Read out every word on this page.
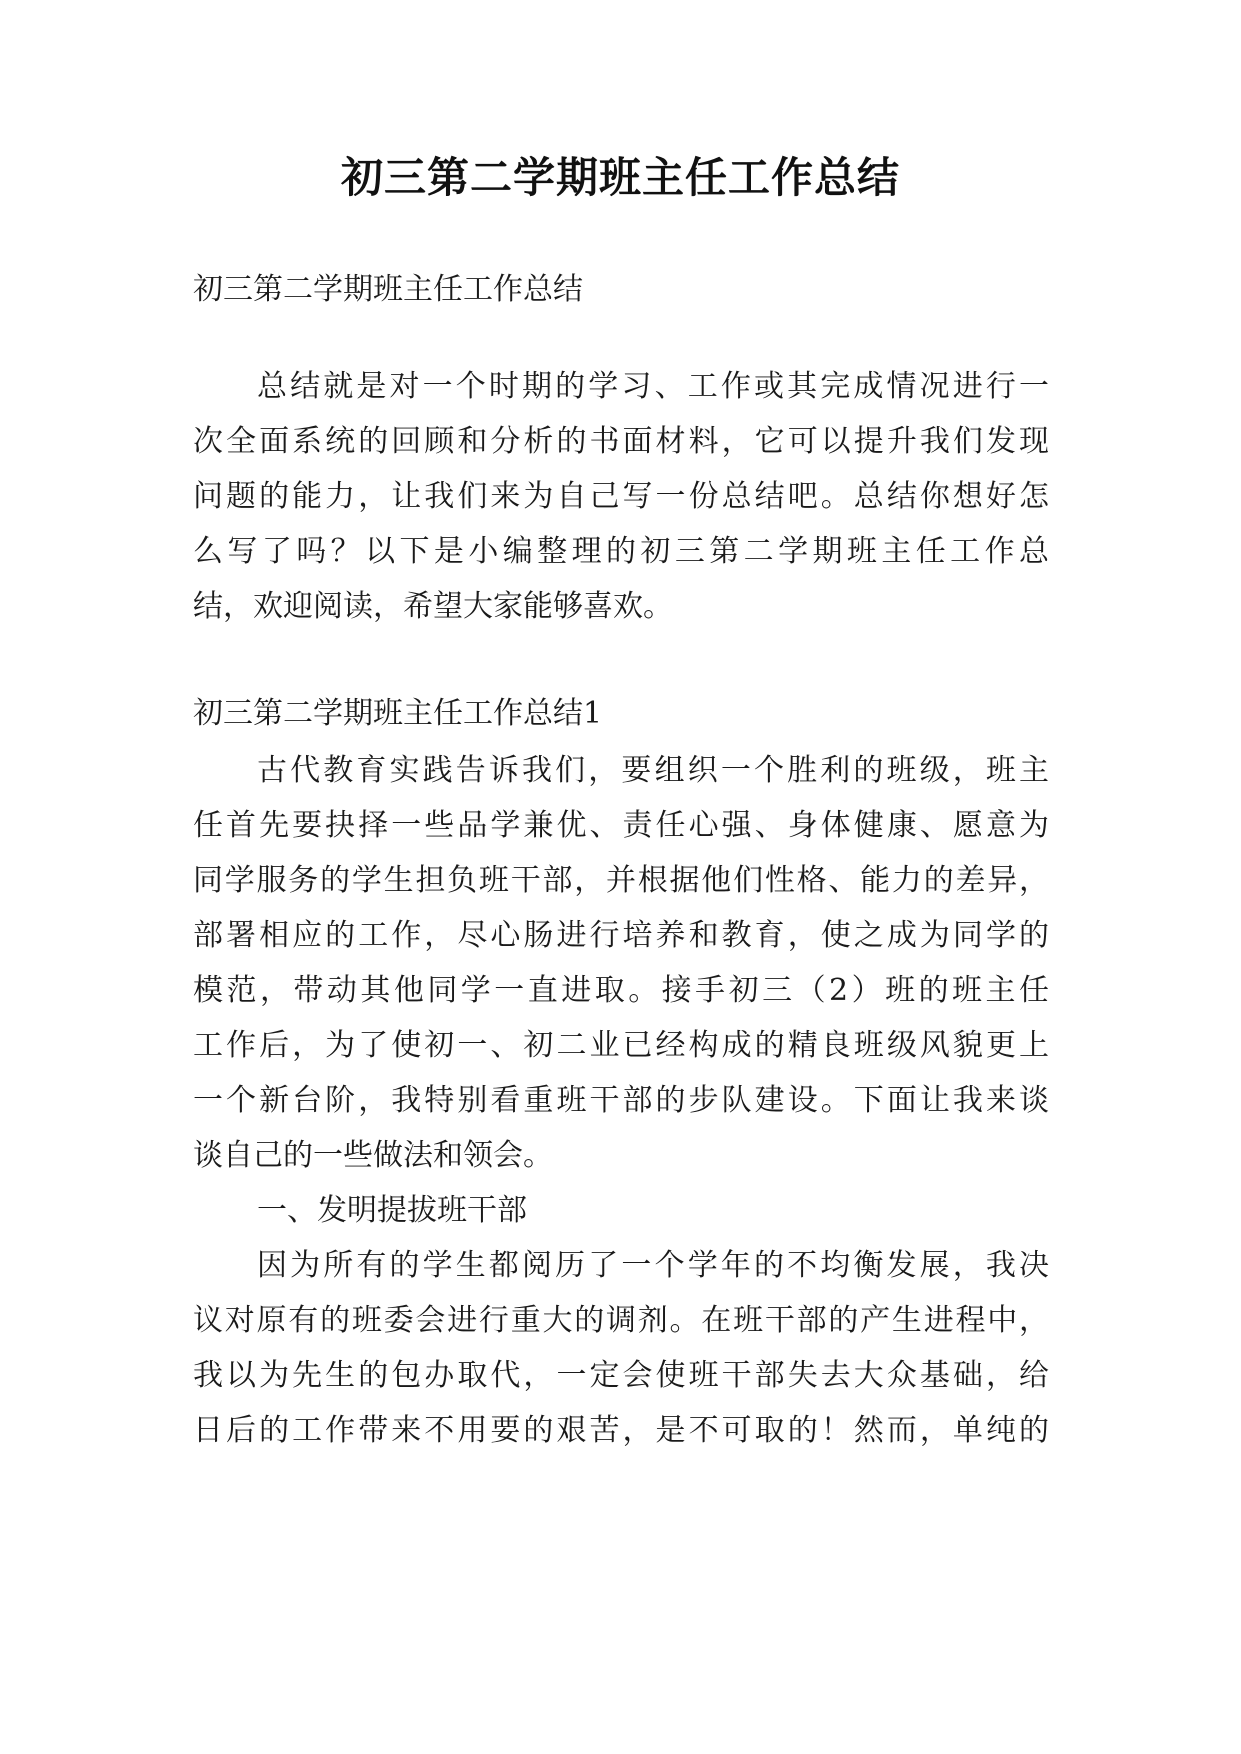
初三第二学期班主任工作总结

初三第二学期班主任工作总结

总结就是对一个时期的学习、工作或其完成情况进行一

次全面系统的回顾和分析的书面材料，它可以提升我们发现

问题的能力，让我们来为自己写一份总结吧。总结你想好怎

么写了吗？以下是小编整理的初三第二学期班主任工作总

结，欢迎阅读，希望大家能够喜欢。

初三第二学期班主任工作总结1

古代教育实践告诉我们，要组织一个胜利的班级，班主

任首先要抉择一些品学兼优、责任心强、身体健康、愿意为

同学服务的学生担负班干部，并根据他们性格、能力的差异，

部署相应的工作，尽心肠进行培养和教育，使之成为同学的

模范，带动其他同学一直进取。接手初三（2）班的班主任

工作后，为了使初一、初二业已经构成的精良班级风貌更上

一个新台阶，我特别看重班干部的步队建设。下面让我来谈

谈自己的一些做法和领会。

一、发明提拔班干部

因为所有的学生都阅历了一个学年的不均衡发展，我决

议对原有的班委会进行重大的调剂。在班干部的产生进程中，

我以为先生的包办取代，一定会使班干部失去大众基础，给

日后的工作带来不用要的艰苦，是不可取的！然而，单纯的
